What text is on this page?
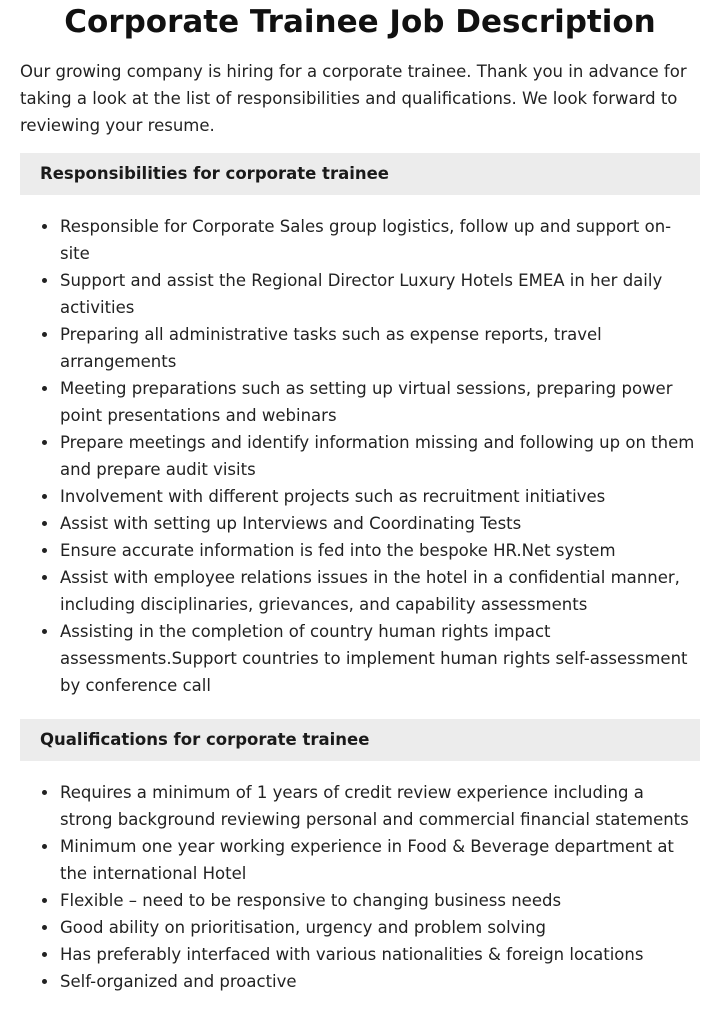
Corporate Trainee Job Description

Our growing company is hiring for a corporate trainee. Thank you in advance for taking a look at the list of responsibilities and qualifications. We look forward to reviewing your resume.

Responsibilities for corporate trainee
Responsible for Corporate Sales group logistics, follow up and support on-site
Support and assist the Regional Director Luxury Hotels EMEA in her daily activities
Preparing all administrative tasks such as expense reports, travel arrangements
Meeting preparations such as setting up virtual sessions, preparing power point presentations and webinars
Prepare meetings and identify information missing and following up on them and prepare audit visits
Involvement with different projects such as recruitment initiatives
Assist with setting up Interviews and Coordinating Tests
Ensure accurate information is fed into the bespoke HR.Net system
Assist with employee relations issues in the hotel in a confidential manner, including disciplinaries, grievances, and capability assessments
Assisting in the completion of country human rights impact assessments.Support countries to implement human rights self-assessment by conference call
Qualifications for corporate trainee
Requires a minimum of 1 years of credit review experience including a strong background reviewing personal and commercial financial statements
Minimum one year working experience in Food & Beverage department at the international Hotel
Flexible – need to be responsive to changing business needs
Good ability on prioritisation, urgency and problem solving
Has preferably interfaced with various nationalities & foreign locations
Self-organized and proactive
